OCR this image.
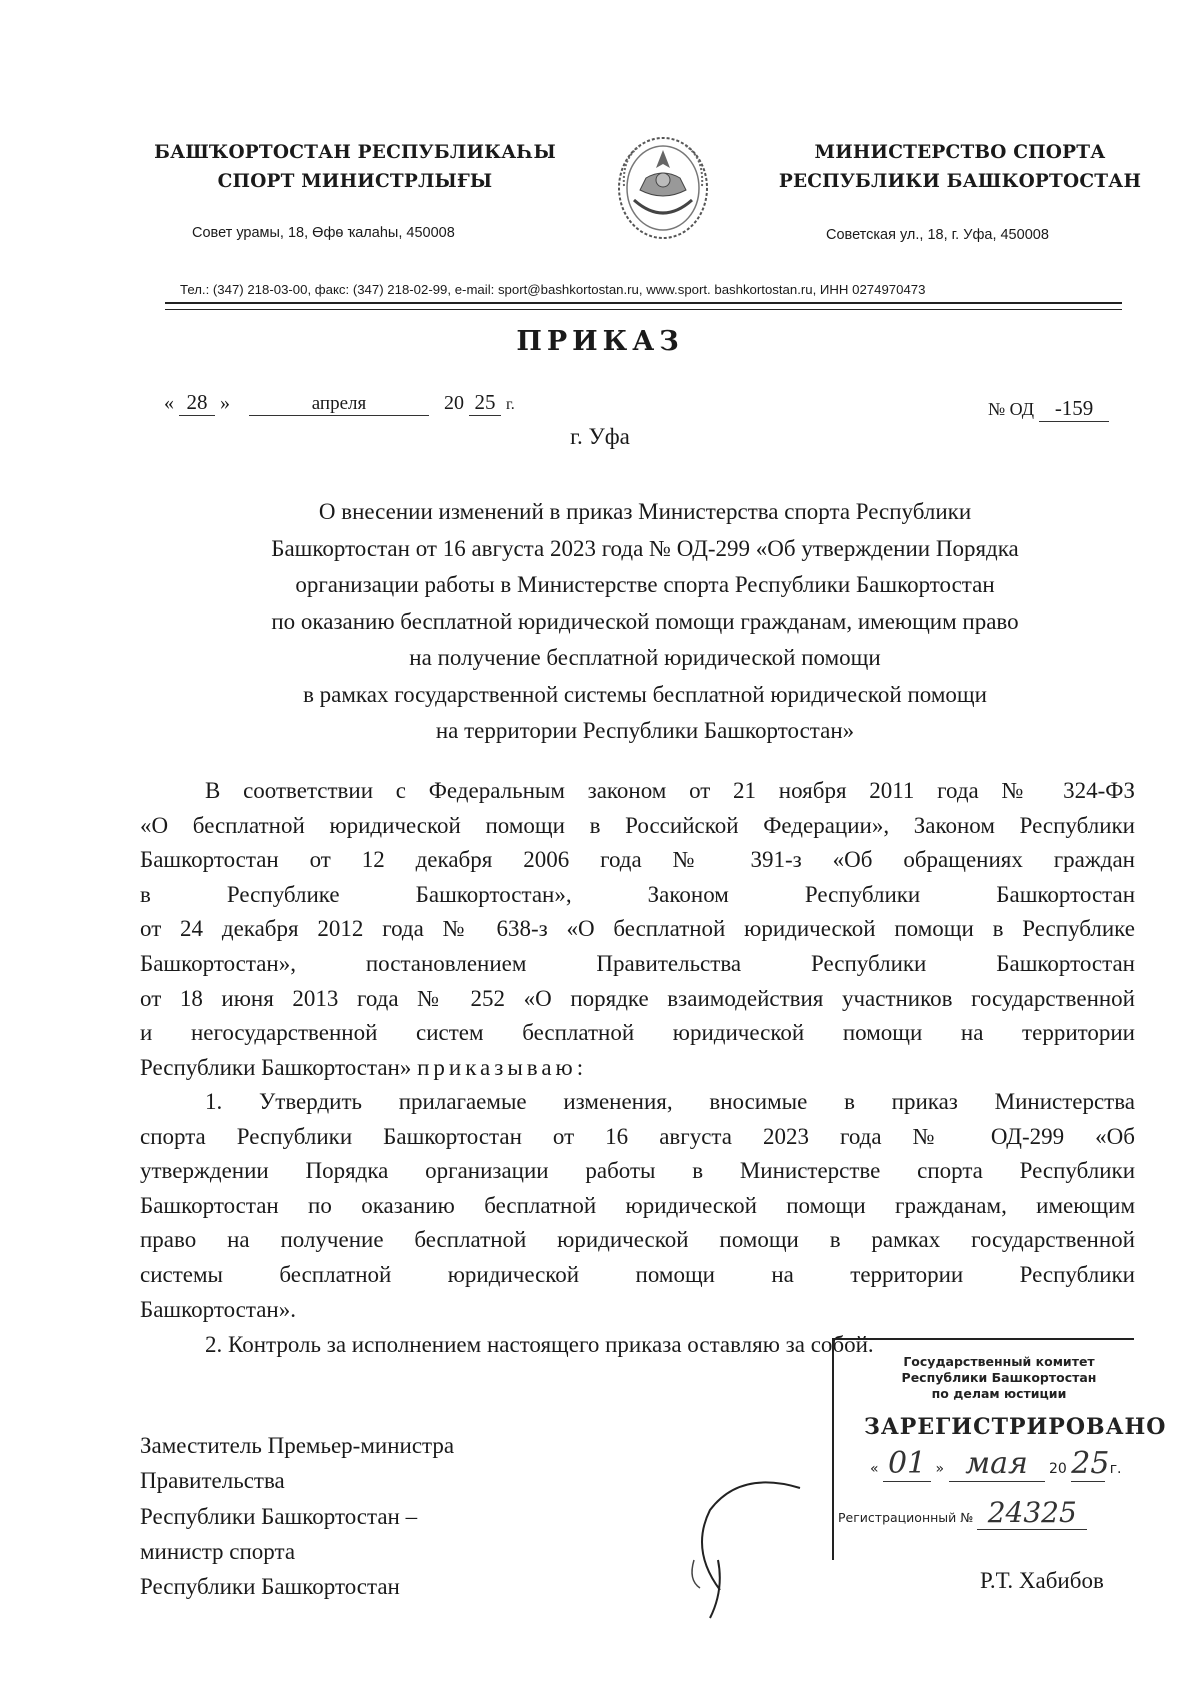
БАШҠОРТОСТАН РЕСПУБЛИКАҺЫ
СПОРТ МИНИСТРЛЫҒЫ
Совет урамы, 18, Өфө ҡалаһы, 450008
МИНИСТЕРСТВО СПОРТА
РЕСПУБЛИКИ БАШКОРТОСТАН
Советская ул., 18, г. Уфа, 450008
Тел.: (347) 218-03-00, факс: (347) 218-02-99, e-mail: sport@bashkortostan.ru, www.sport. bashkortostan.ru, ИНН 0274970473
ПРИКАЗ
« 28 »	апреля	20 25 г.	№ ОД -159
г. Уфа
О внесении изменений в приказ Министерства спорта Республики
Башкортостан от 16 августа 2023 года № ОД-299 «Об утверждении Порядка
организации работы в Министерстве спорта Республики Башкортостан
по оказанию бесплатной юридической помощи гражданам, имеющим право
на получение бесплатной юридической помощи
в рамках государственной системы бесплатной юридической помощи
на территории Республики Башкортостан»
В соответствии с Федеральным законом от 21 ноября 2011 года № 324-ФЗ
«О бесплатной юридической помощи в Российской Федерации», Законом Республики
Башкортостан от 12 декабря 2006 года № 391-з «Об обращениях граждан
в Республике Башкортостан», Законом Республики Башкортостан
от 24 декабря 2012 года № 638-з «О бесплатной юридической помощи в Республике
Башкортостан», постановлением Правительства Республики Башкортостан
от 18 июня 2013 года № 252 «О порядке взаимодействия участников государственной
и негосударственной систем бесплатной юридической помощи на территории
Республики Башкортостан» приказываю:
1. Утвердить прилагаемые изменения, вносимые в приказ Министерства
спорта Республики Башкортостан от 16 августа 2023 года № ОД-299 «Об
утверждении Порядка организации работы в Министерстве спорта Республики
Башкортостан по оказанию бесплатной юридической помощи гражданам, имеющим
право на получение бесплатной юридической помощи в рамках государственной
системы бесплатной юридической помощи на территории Республики
Башкортостан».
2. Контроль за исполнением настоящего приказа оставляю за собой.
Заместитель Премьер-министра
Правительства
Республики Башкортостан –
министр спорта
Республики Башкортостан	Р.Т. Хабибов
Государственный комитет
Республики Башкортостан
по делам юстиции
ЗАРЕГИСТРИРОВАНО
« 01 » мая 20 25 г.
Регистрационный № 24325
